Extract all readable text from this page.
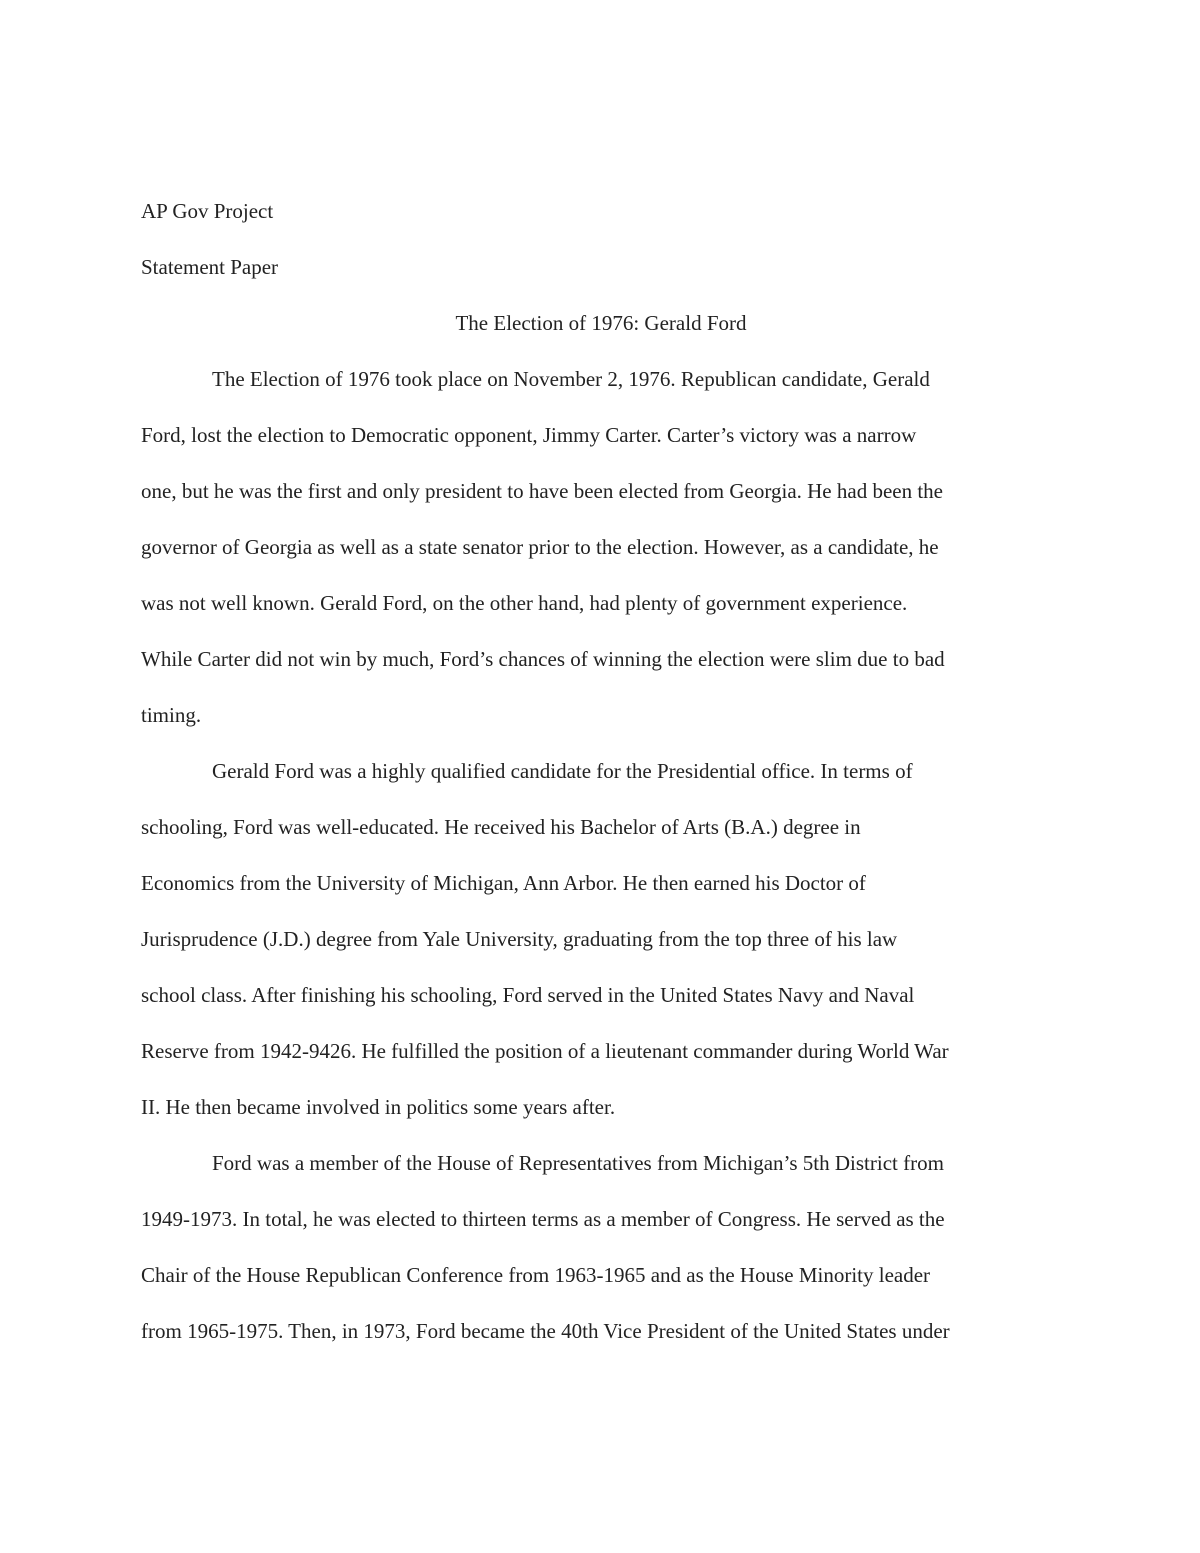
AP Gov Project

Statement Paper

The Election of 1976: Gerald Ford

The Election of 1976 took place on November 2, 1976. Republican candidate, Gerald

Ford, lost the election to Democratic opponent, Jimmy Carter. Carter’s victory was a narrow

one, but he was the first and only president to have been elected from Georgia. He had been the

governor of Georgia as well as a state senator prior to the election. However, as a candidate, he

was not well known. Gerald Ford, on the other hand, had plenty of government experience.

While Carter did not win by much, Ford’s chances of winning the election were slim due to bad

timing.

Gerald Ford was a highly qualified candidate for the Presidential office. In terms of

schooling, Ford was well-educated. He received his Bachelor of Arts (B.A.) degree in

Economics from the University of Michigan, Ann Arbor. He then earned his Doctor of

Jurisprudence (J.D.) degree from Yale University, graduating from the top three of his law

school class. After finishing his schooling, Ford served in the United States Navy and Naval

Reserve from 1942-9426. He fulfilled the position of a lieutenant commander during World War

II. He then became involved in politics some years after.

Ford was a member of the House of Representatives from Michigan’s 5th District from

1949-1973. In total, he was elected to thirteen terms as a member of Congress. He served as the

Chair of the House Republican Conference from 1963-1965 and as the House Minority leader

from 1965-1975. Then, in 1973, Ford became the 40th Vice President of the United States under
